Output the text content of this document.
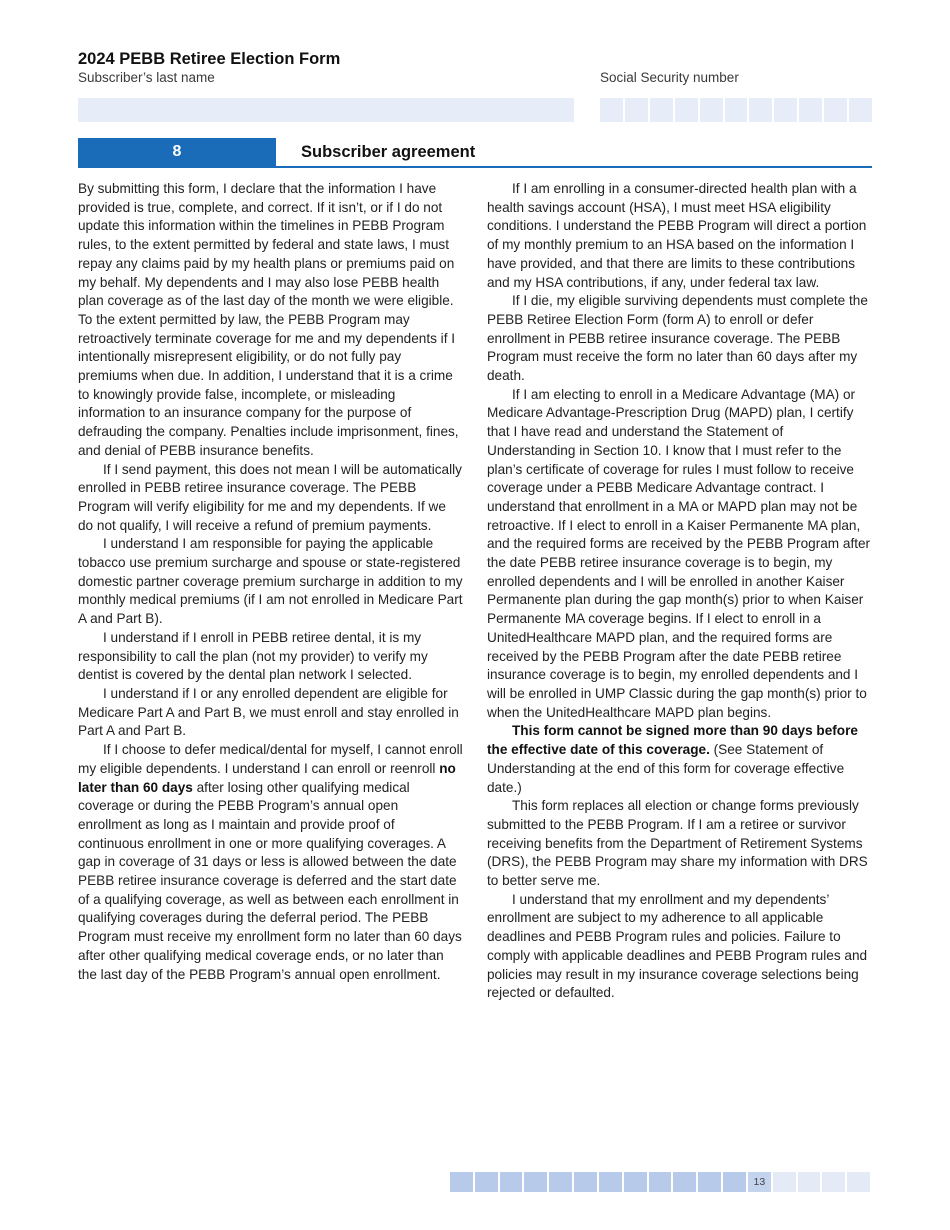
2024 PEBB Retiree Election Form
Subscriber’s last name	Social Security number
8	Subscriber agreement

By submitting this form, I declare that the information I have provided is true, complete, and correct. If it isn’t, or if I do not update this information within the timelines in PEBB Program rules, to the extent permitted by federal and state laws, I must repay any claims paid by my health plans or premiums paid on my behalf. My dependents and I may also lose PEBB health plan coverage as of the last day of the month we were eligible. To the extent permitted by law, the PEBB Program may retroactively terminate coverage for me and my dependents if I intentionally misrepresent eligibility, or do not fully pay premiums when due. In addition, I understand that it is a crime to knowingly provide false, incomplete, or misleading information to an insurance company for the purpose of defrauding the company. Penalties include imprisonment, fines, and denial of PEBB insurance benefits.

If I send payment, this does not mean I will be automatically enrolled in PEBB retiree insurance coverage. The PEBB Program will verify eligibility for me and my dependents. If we do not qualify, I will receive a refund of premium payments.

I understand I am responsible for paying the applicable tobacco use premium surcharge and spouse or state-registered domestic partner coverage premium surcharge in addition to my monthly medical premiums (if I am not enrolled in Medicare Part A and Part B).

I understand if I enroll in PEBB retiree dental, it is my responsibility to call the plan (not my provider) to verify my dentist is covered by the dental plan network I selected.

I understand if I or any enrolled dependent are eligible for Medicare Part A and Part B, we must enroll and stay enrolled in Part A and Part B.

If I choose to defer medical/dental for myself, I cannot enroll my eligible dependents. I understand I can enroll or reenroll no later than 60 days after losing other qualifying medical coverage or during the PEBB Program’s annual open enrollment as long as I maintain and provide proof of continuous enrollment in one or more qualifying coverages. A gap in coverage of 31 days or less is allowed between the date PEBB retiree insurance coverage is deferred and the start date of a qualifying coverage, as well as between each enrollment in qualifying coverages during the deferral period. The PEBB Program must receive my enrollment form no later than 60 days after other qualifying medical coverage ends, or no later than the last day of the PEBB Program’s annual open enrollment.

If I am enrolling in a consumer-directed health plan with a health savings account (HSA), I must meet HSA eligibility conditions. I understand the PEBB Program will direct a portion of my monthly premium to an HSA based on the information I have provided, and that there are limits to these contributions and my HSA contributions, if any, under federal tax law.

If I die, my eligible surviving dependents must complete the PEBB Retiree Election Form (form A) to enroll or defer enrollment in PEBB retiree insurance coverage. The PEBB Program must receive the form no later than 60 days after my death.

If I am electing to enroll in a Medicare Advantage (MA) or Medicare Advantage-Prescription Drug (MAPD) plan, I certify that I have read and understand the Statement of Understanding in Section 10. I know that I must refer to the plan’s certificate of coverage for rules I must follow to receive coverage under a PEBB Medicare Advantage contract. I understand that enrollment in a MA or MAPD plan may not be retroactive. If I elect to enroll in a Kaiser Permanente MA plan, and the required forms are received by the PEBB Program after the date PEBB retiree insurance coverage is to begin, my enrolled dependents and I will be enrolled in another Kaiser Permanente plan during the gap month(s) prior to when Kaiser Permanente MA coverage begins. If I elect to enroll in a UnitedHealthcare MAPD plan, and the required forms are received by the PEBB Program after the date PEBB retiree insurance coverage is to begin, my enrolled dependents and I will be enrolled in UMP Classic during the gap month(s) prior to when the UnitedHealthcare MAPD plan begins.

This form cannot be signed more than 90 days before the effective date of this coverage. (See Statement of Understanding at the end of this form for coverage effective date.)

This form replaces all election or change forms previously submitted to the PEBB Program. If I am a retiree or survivor receiving benefits from the Department of Retirement Systems (DRS), the PEBB Program may share my information with DRS to better serve me.

I understand that my enrollment and my dependents’ enrollment are subject to my adherence to all applicable deadlines and PEBB Program rules and policies. Failure to comply with applicable deadlines and PEBB Program rules and policies may result in my insurance coverage selections being rejected or defaulted.

13
